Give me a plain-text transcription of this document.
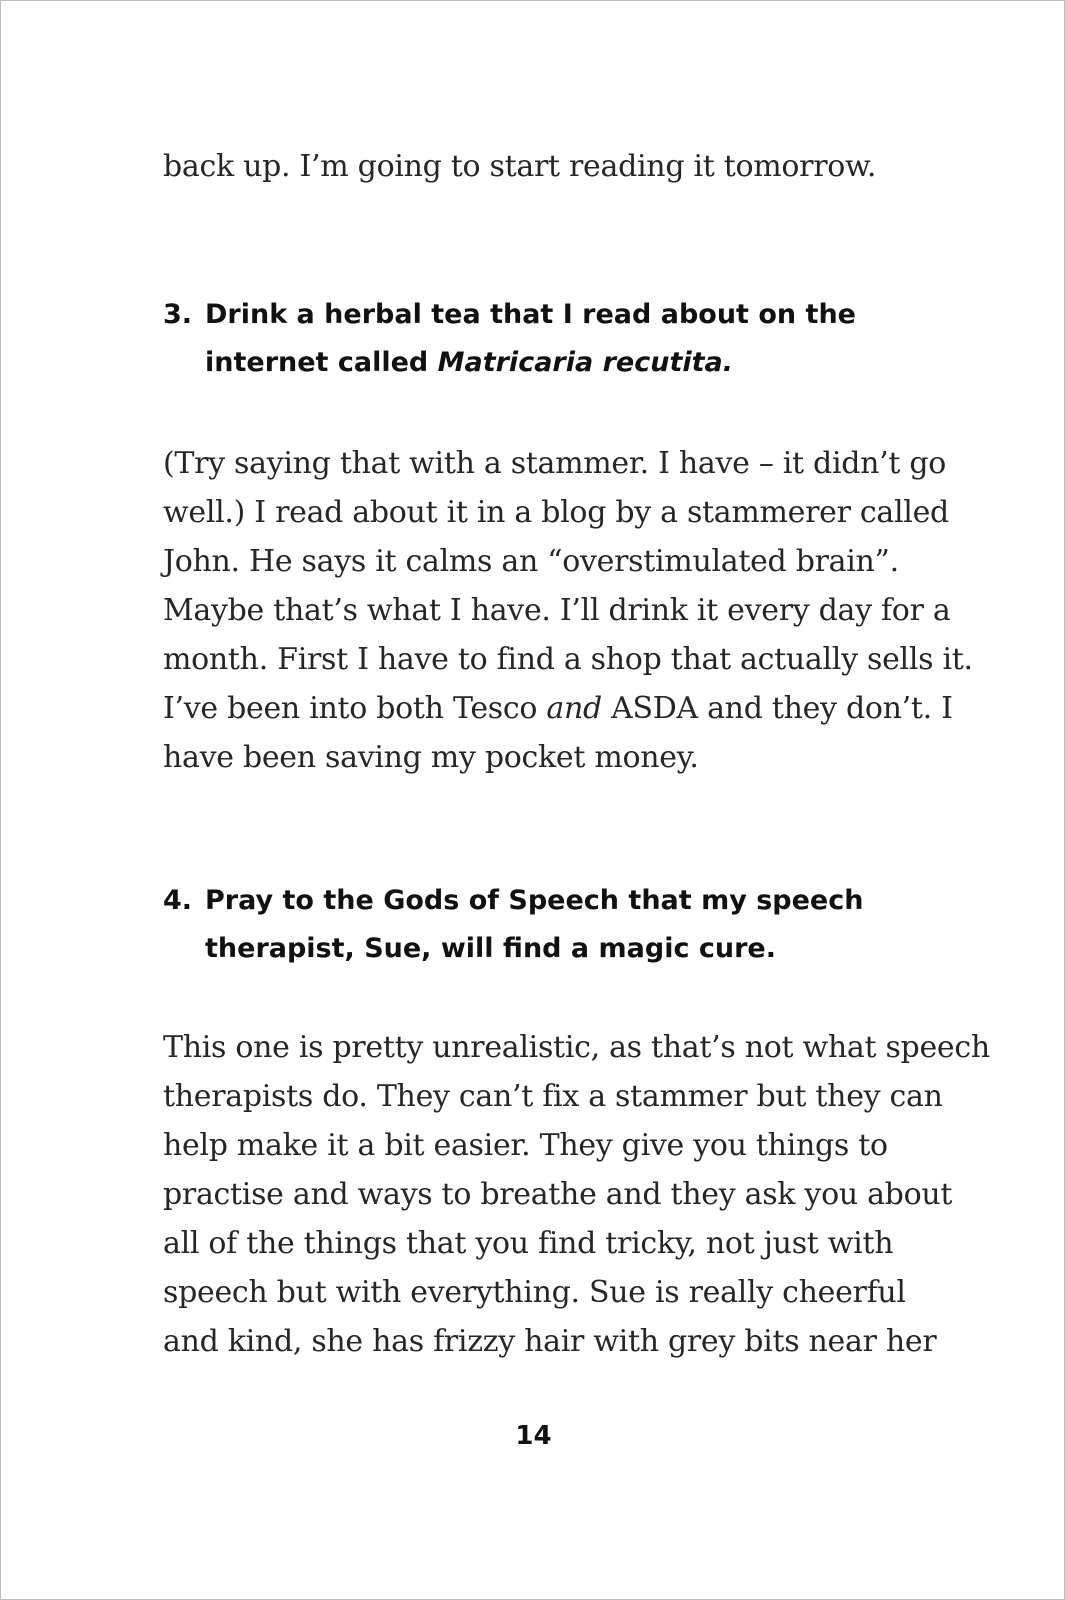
back up. I’m going to start reading it tomorrow.

3. Drink a herbal tea that I read about on the
internet called Matricaria recutita.

(Try saying that with a stammer. I have – it didn’t go
well.) I read about it in a blog by a stammerer called
John. He says it calms an “overstimulated brain”.
Maybe that’s what I have. I’ll drink it every day for a
month. First I have to find a shop that actually sells it.
I’ve been into both Tesco and ASDA and they don’t. I
have been saving my pocket money.

4. Pray to the Gods of Speech that my speech
therapist, Sue, will find a magic cure.

This one is pretty unrealistic, as that’s not what speech
therapists do. They can’t fix a stammer but they can
help make it a bit easier. They give you things to
practise and ways to breathe and they ask you about
all of the things that you find tricky, not just with
speech but with everything. Sue is really cheerful
and kind, she has frizzy hair with grey bits near her

14
